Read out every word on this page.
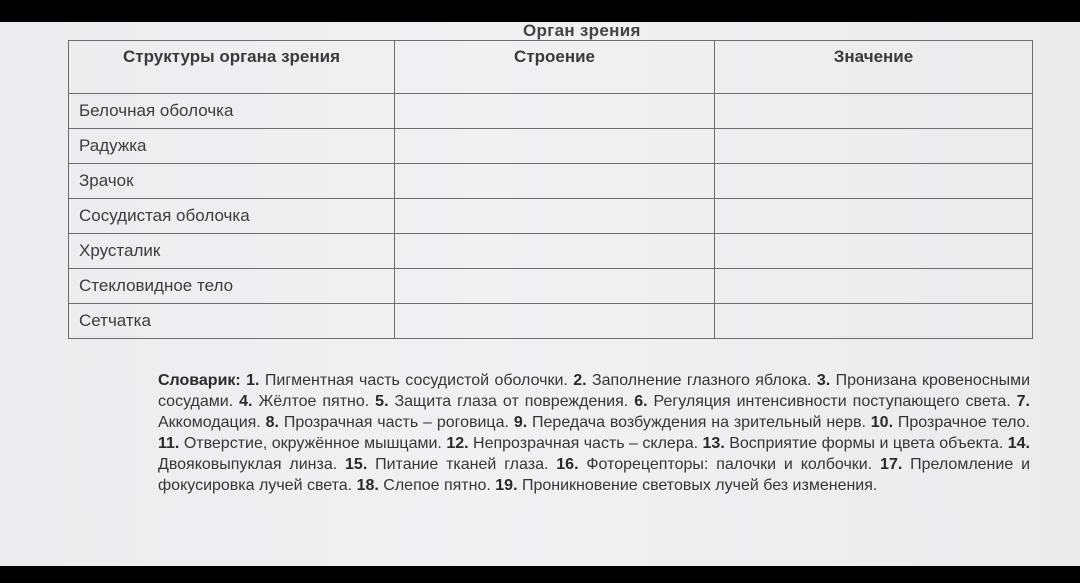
Орган зрения
Структуры органа зрения	Строение	Значение
Белочная оболочка		
Радужка		
Зрачок		
Сосудистая оболочка		
Хрусталик		
Стекловидное тело		
Сетчатка		
Словарик: 1. Пигментная часть сосудистой оболочки. 2. Заполнение глазного яблока. 3. Пронизана кровеносными сосудами. 4. Жёлтое пятно. 5. Защита глаза от повреждения. 6. Регуляция интенсивности поступающего света. 7. Аккомодация. 8. Прозрачная часть – роговица. 9. Передача возбуждения на зрительный нерв. 10. Прозрачное тело. 11. Отверстие, окружённое мышцами. 12. Непрозрачная часть – склера. 13. Восприятие формы и цвета объекта. 14. Двояковыпуклая линза. 15. Питание тканей глаза. 16. Фоторецепторы: палочки и колбочки. 17. Преломление и фокусировка лучей света. 18. Слепое пятно. 19. Проникновение световых лучей без изменения.
